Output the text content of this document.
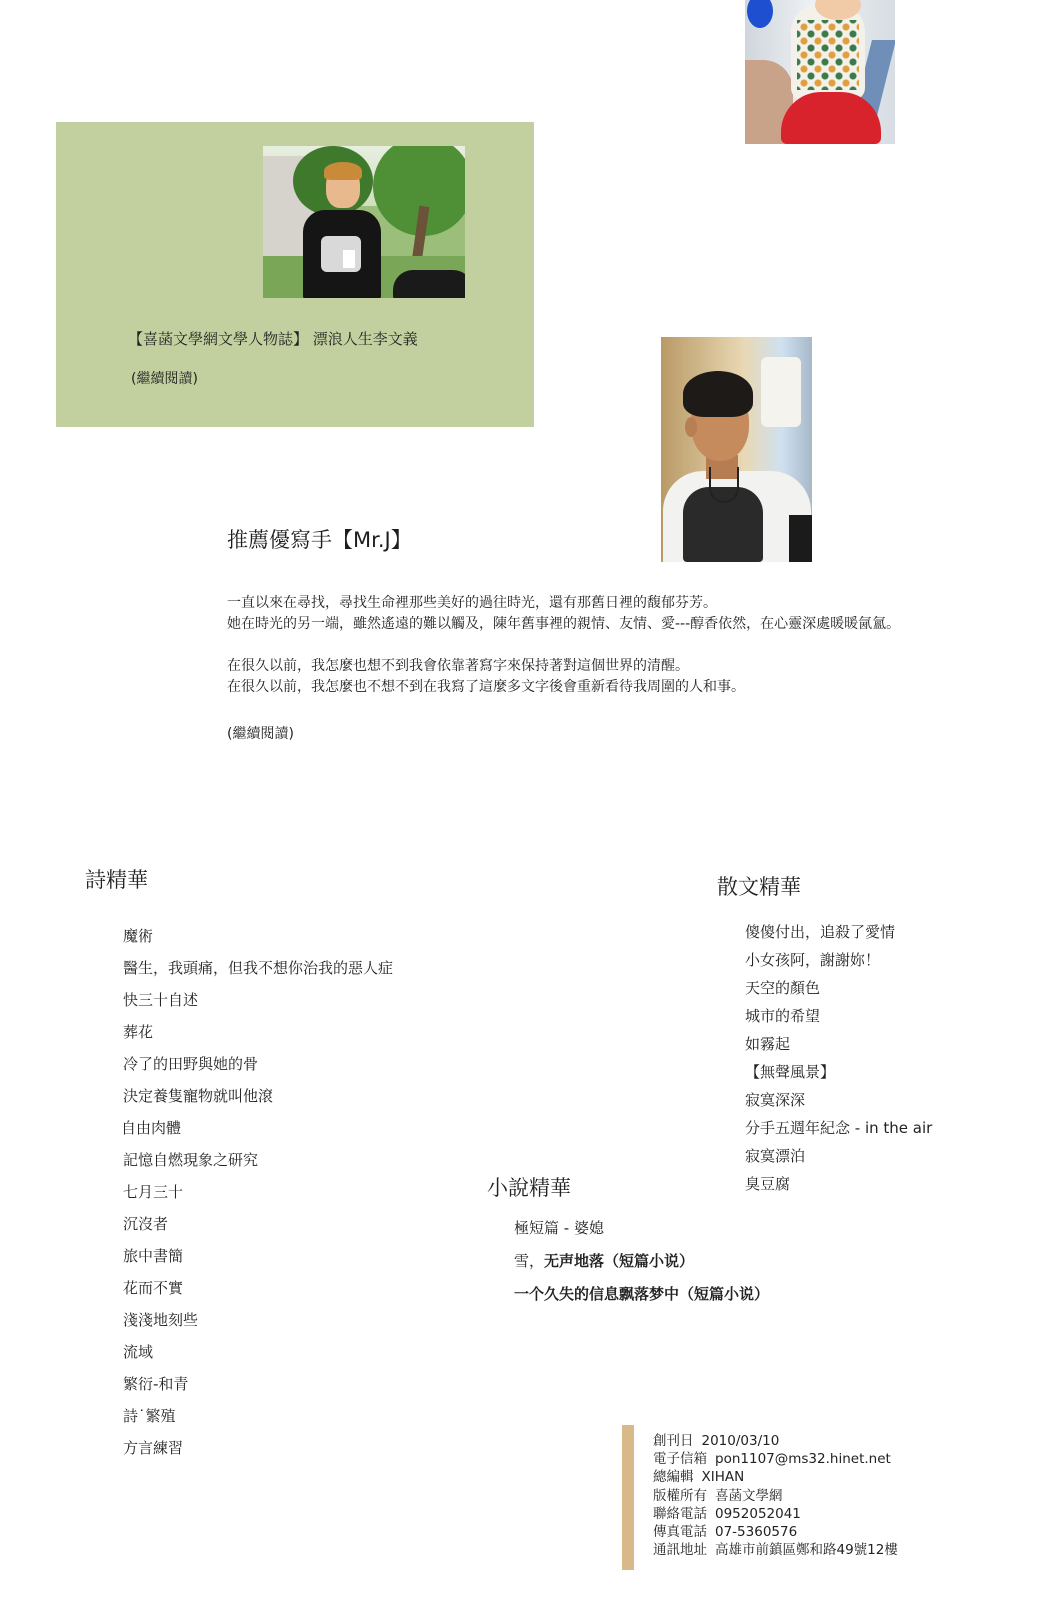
【喜菡文學網文學人物誌】 漂浪人生李文義
(繼續閱讀)
推薦優寫手【Mr.J】
一直以來在尋找，尋找生命裡那些美好的過往時光，還有那舊日裡的馥郁芬芳。
她在時光的另一端，雖然遙遠的難以觸及，陳年舊事裡的親情、友情、愛---醇香依然，在心靈深處暖暖氤氳。
在很久以前，我怎麼也想不到我會依靠著寫字來保持著對這個世界的清醒。
在很久以前，我怎麼也不想不到在我寫了這麼多文字後會重新看待我周圍的人和事。
(繼續閱讀)
詩精華
魔術
醫生，我頭痛，但我不想你治我的惡人症
快三十自述
葬花
冷了的田野與她的骨
決定養隻寵物就叫他滾
自由肉體
記憶自燃現象之研究
七月三十
沉沒者
旅中書簡
花而不實
淺淺地刻些
流域
繁衍-和青
詩˙繁殖
方言練習
散文精華
傻傻付出，追殺了愛情
小女孩阿，謝謝妳！
天空的顏色
城市的希望
如霧起
【無聲風景】
寂寞深深
分手五週年紀念 - in the air
寂寞漂泊
臭豆腐
小說精華
極短篇 - 婆媳
雪，无声地落（短篇小说）
一个久失的信息飘落梦中（短篇小说）
創刊日 2010/03/10
電子信箱 pon1107@ms32.hinet.net
總編輯 XIHAN
版權所有 喜菡文學網
聯絡電話 0952052041
傳真電話 07-5360576
通訊地址 高雄市前鎮區鄭和路49號12樓
